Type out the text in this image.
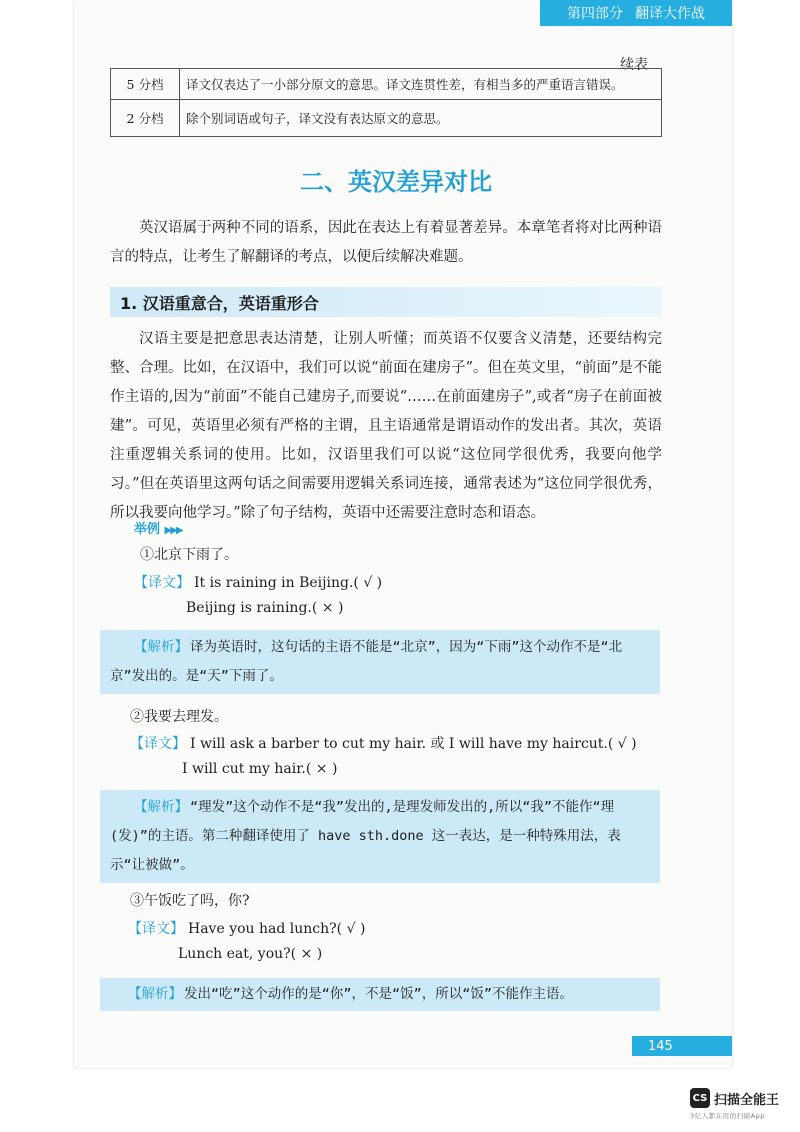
第四部分 翻译大作战
续表
5 分档	译文仅表达了一小部分原文的意思。译文连贯性差，有相当多的严重语言错误。
2 分档	除个别词语或句子，译文没有表达原文的意思。
二、英汉差异对比
英汉语属于两种不同的语系，因此在表达上有着显著差异。本章笔者将对比两种语言的特点，让考生了解翻译的考点，以便后续解决难题。
1. 汉语重意合，英语重形合
汉语主要是把意思表达清楚，让别人听懂；而英语不仅要含义清楚，还要结构完整、合理。比如，在汉语中，我们可以说“前面在建房子”。但在英文里，“前面”是不能作主语的,因为“前面”不能自己建房子,而要说“……在前面建房子”,或者“房子在前面被建”。可见，英语里必须有严格的主谓，且主语通常是谓语动作的发出者。其次，英语注重逻辑关系词的使用。比如，汉语里我们可以说“这位同学很优秀，我要向他学习。”但在英语里这两句话之间需要用逻辑关系词连接，通常表述为“这位同学很优秀，所以我要向他学习。”除了句子结构，英语中还需要注意时态和语态。
举例 ▶▶▶
①北京下雨了。
【译文】 It is raining in Beijing.( √ )
Beijing is raining.( × )
【解析】 译为英语时，这句话的主语不能是“北京”，因为“下雨”这个动作不是“北京”发出的。是“天”下雨了。
②我要去理发。
【译文】 I will ask a barber to cut my hair. 或 I will have my haircut.( √ )
I will cut my hair.( × )
【解析】 “理发”这个动作不是“我”发出的,是理发师发出的,所以“我”不能作“理(发)”的主语。第二种翻译使用了 have sth.done 这一表达，是一种特殊用法，表示“让被做”。
③午饭吃了吗，你?
【译文】 Have you had lunch?( √ )
Lunch eat, you?( × )
【解析】 发出“吃”这个动作的是“你”，不是“饭”，所以“饭”不能作主语。
145
CS 扫描全能王
3亿人都在用的扫描App
